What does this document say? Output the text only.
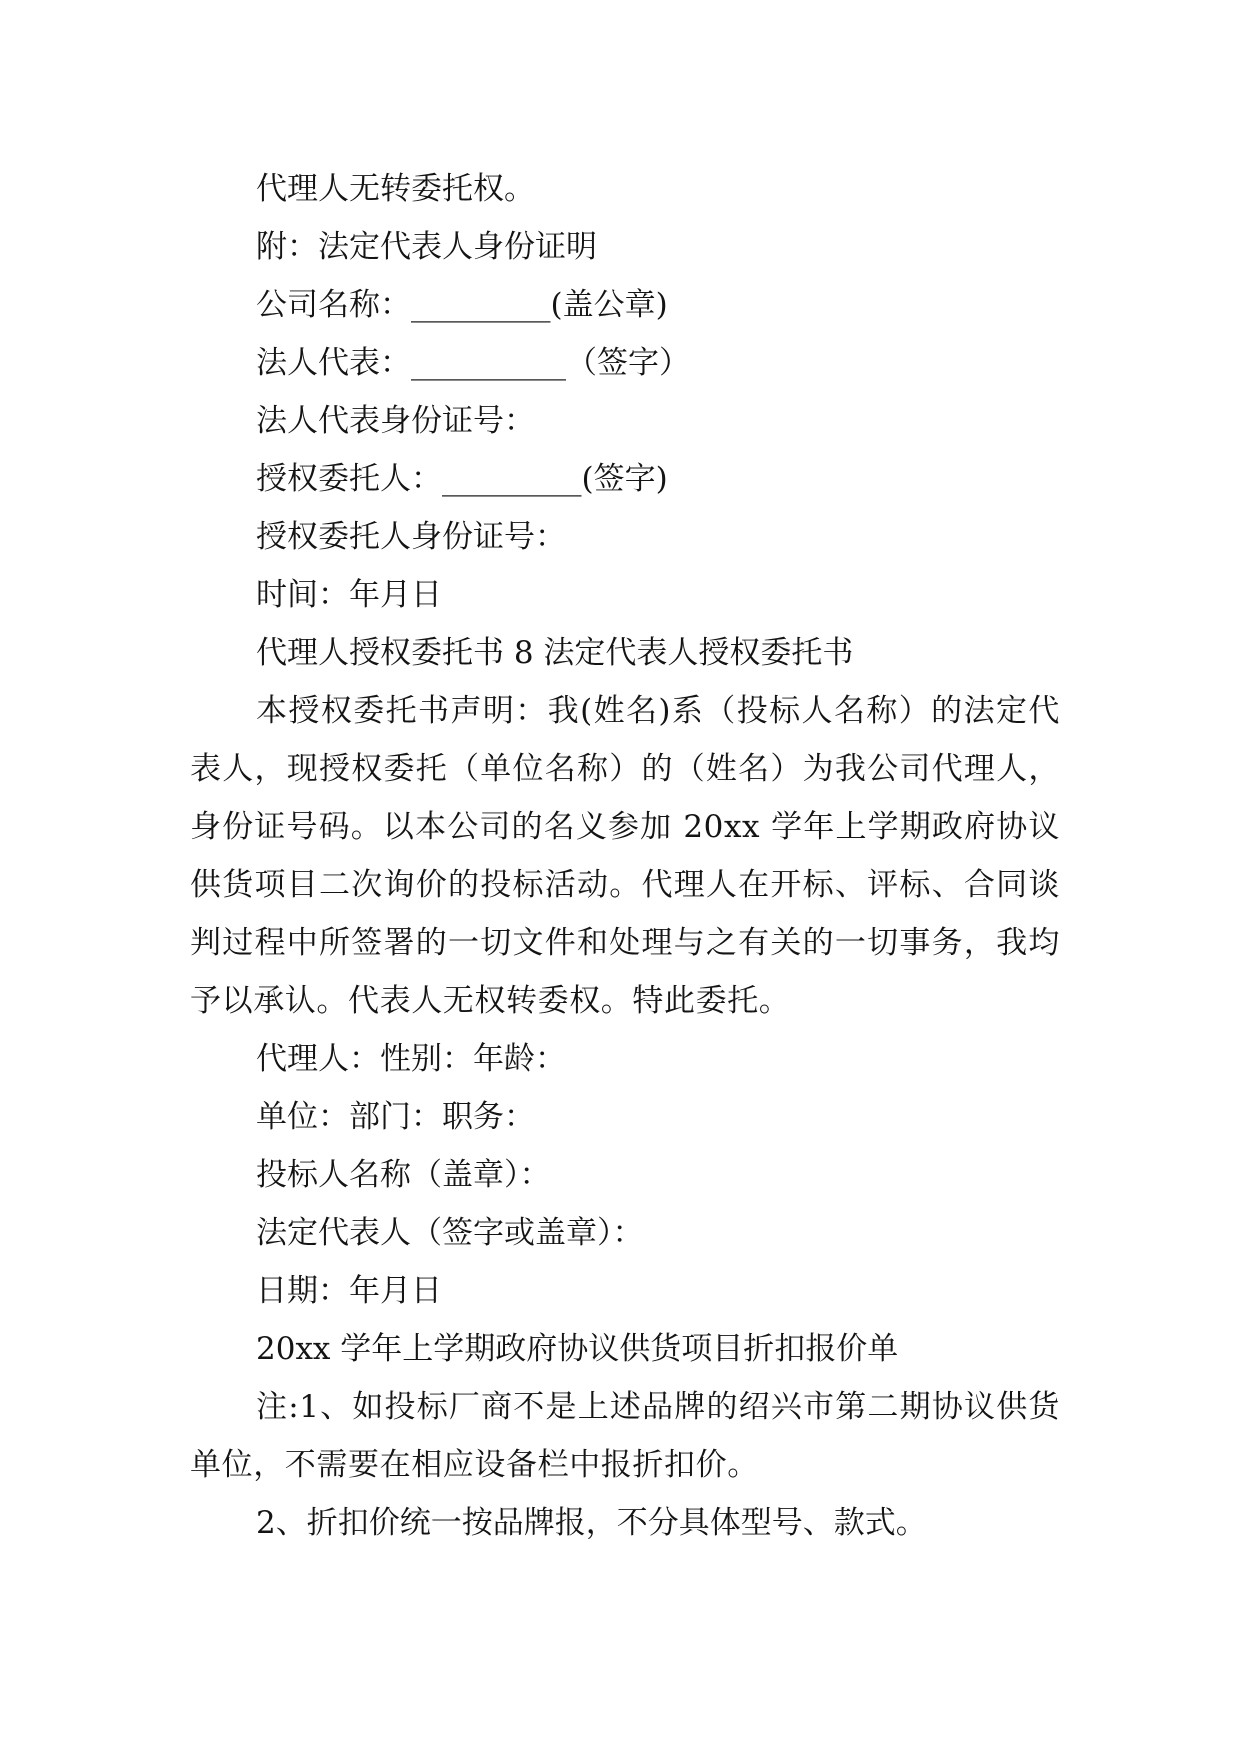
代理人无转委托权。

附：法定代表人身份证明

公司名称：_________(盖公章)

法人代表：__________（签字）

法人代表身份证号：

授权委托人：_________(签字)

授权委托人身份证号：

时间：年月日

代理人授权委托书 8 法定代表人授权委托书

本授权委托书声明：我(姓名)系（投标人名称）的法定代表人，现授权委托（单位名称）的（姓名）为我公司代理人，身份证号码。以本公司的名义参加 20xx 学年上学期政府协议供货项目二次询价的投标活动。代理人在开标、评标、合同谈判过程中所签署的一切文件和处理与之有关的一切事务，我均予以承认。代表人无权转委权。特此委托。

代理人：性别：年龄：

单位：部门：职务：

投标人名称（盖章）：

法定代表人（签字或盖章）：

日期：年月日

20xx 学年上学期政府协议供货项目折扣报价单

注:1、如投标厂商不是上述品牌的绍兴市第二期协议供货单位，不需要在相应设备栏中报折扣价。

2、折扣价统一按品牌报，不分具体型号、款式。
